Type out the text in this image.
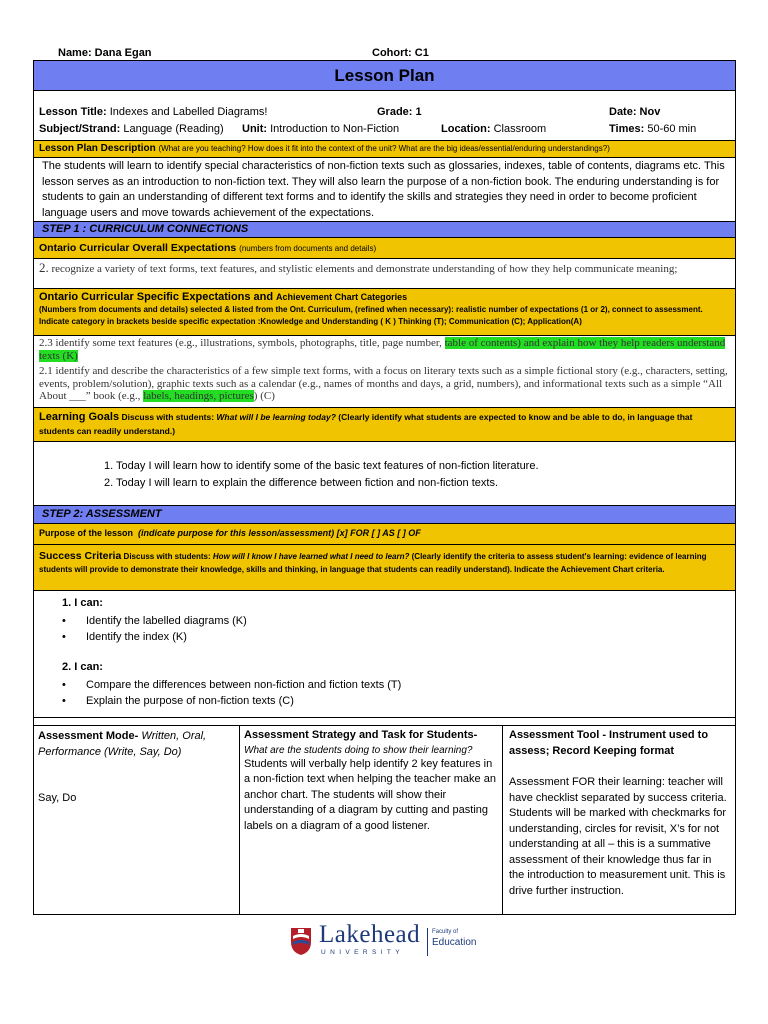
Name: Dana Egan	Cohort: C1
Lesson Plan
Lesson Title: Indexes and Labelled Diagrams!	Grade: 1	Date: Nov
Subject/Strand: Language (Reading) Unit: Introduction to Non-Fiction	Location: Classroom	Times: 50-60 min
Lesson Plan Description (What are you teaching? How does it fit into the context of the unit? What are the big ideas/essential/enduring understandings?)
The students will learn to identify special characteristics of non-fiction texts such as glossaries, indexes, table of contents, diagrams etc. This lesson serves as an introduction to non-fiction text. They will also learn the purpose of a non-fiction book. The enduring understanding is for students to gain an understanding of different text forms and to identify the skills and strategies they need in order to become proficient language users and move towards achievement of the expectations.
STEP 1 : CURRICULUM CONNECTIONS
Ontario Curricular Overall Expectations (numbers from documents and details)
2. recognize a variety of text forms, text features, and stylistic elements and demonstrate understanding of how they help communicate meaning;
Ontario Curricular Specific Expectations and Achievement Chart Categories
(Numbers from documents and details) selected & listed from the Ont. Curriculum, (refined when necessary): realistic number of expectations (1 or 2), connect to assessment. Indicate category in brackets beside specific expectation :Knowledge and Understanding ( K ) Thinking (T); Communication (C); Application(A)
2.3 identify some text features (e.g., illustrations, symbols, photographs, title, page number, table of contents) and explain how they help readers understand texts (K)
2.1 identify and describe the characteristics of a few simple text forms, with a focus on literary texts such as a simple fictional story (e.g., characters, setting, events, problem/solution), graphic texts such as a calendar (e.g., names of months and days, a grid, numbers), and informational texts such as a simple “All About ___” book (e.g., labels, headings, pictures) (C)
Learning Goals Discuss with students: What will I be learning today? (Clearly identify what students are expected to know and be able to do, in language that students can readily understand.)
1. Today I will learn how to identify some of the basic text features of non-fiction literature.
2. Today I will learn to explain the difference between fiction and non-fiction texts.
STEP 2: ASSESSMENT
Purpose of the lesson (indicate purpose for this lesson/assessment) [x] FOR [ ] AS [ ] OF
Success Criteria Discuss with students: How will I know I have learned what I need to learn? (Clearly identify the criteria to assess student's learning: evidence of learning students will provide to demonstrate their knowledge, skills and thinking, in language that students can readily understand). Indicate the Achievement Chart criteria.
1. I can:
• Identify the labelled diagrams (K)
• Identify the index (K)
2. I can:
• Compare the differences between non-fiction and fiction texts (T)
• Explain the purpose of non-fiction texts (C)
Assessment Mode- Written, Oral, Performance (Write, Say, Do)
Say, Do
Assessment Strategy and Task for Students-
What are the students doing to show their learning?
Students will verbally help identify 2 key features in a non-fiction text when helping the teacher make an anchor chart. The students will show their understanding of a diagram by cutting and pasting labels on a diagram of a good listener.
Assessment Tool - Instrument used to assess; Record Keeping format
Assessment FOR their learning: teacher will have checklist separated by success criteria. Students will be marked with checkmarks for understanding, circles for revisit, X’s for not understanding at all – this is a summative assessment of their knowledge thus far in the introduction to measurement unit. This is drive further instruction.
Lakehead
UNIVERSITY
Faculty of
Education
